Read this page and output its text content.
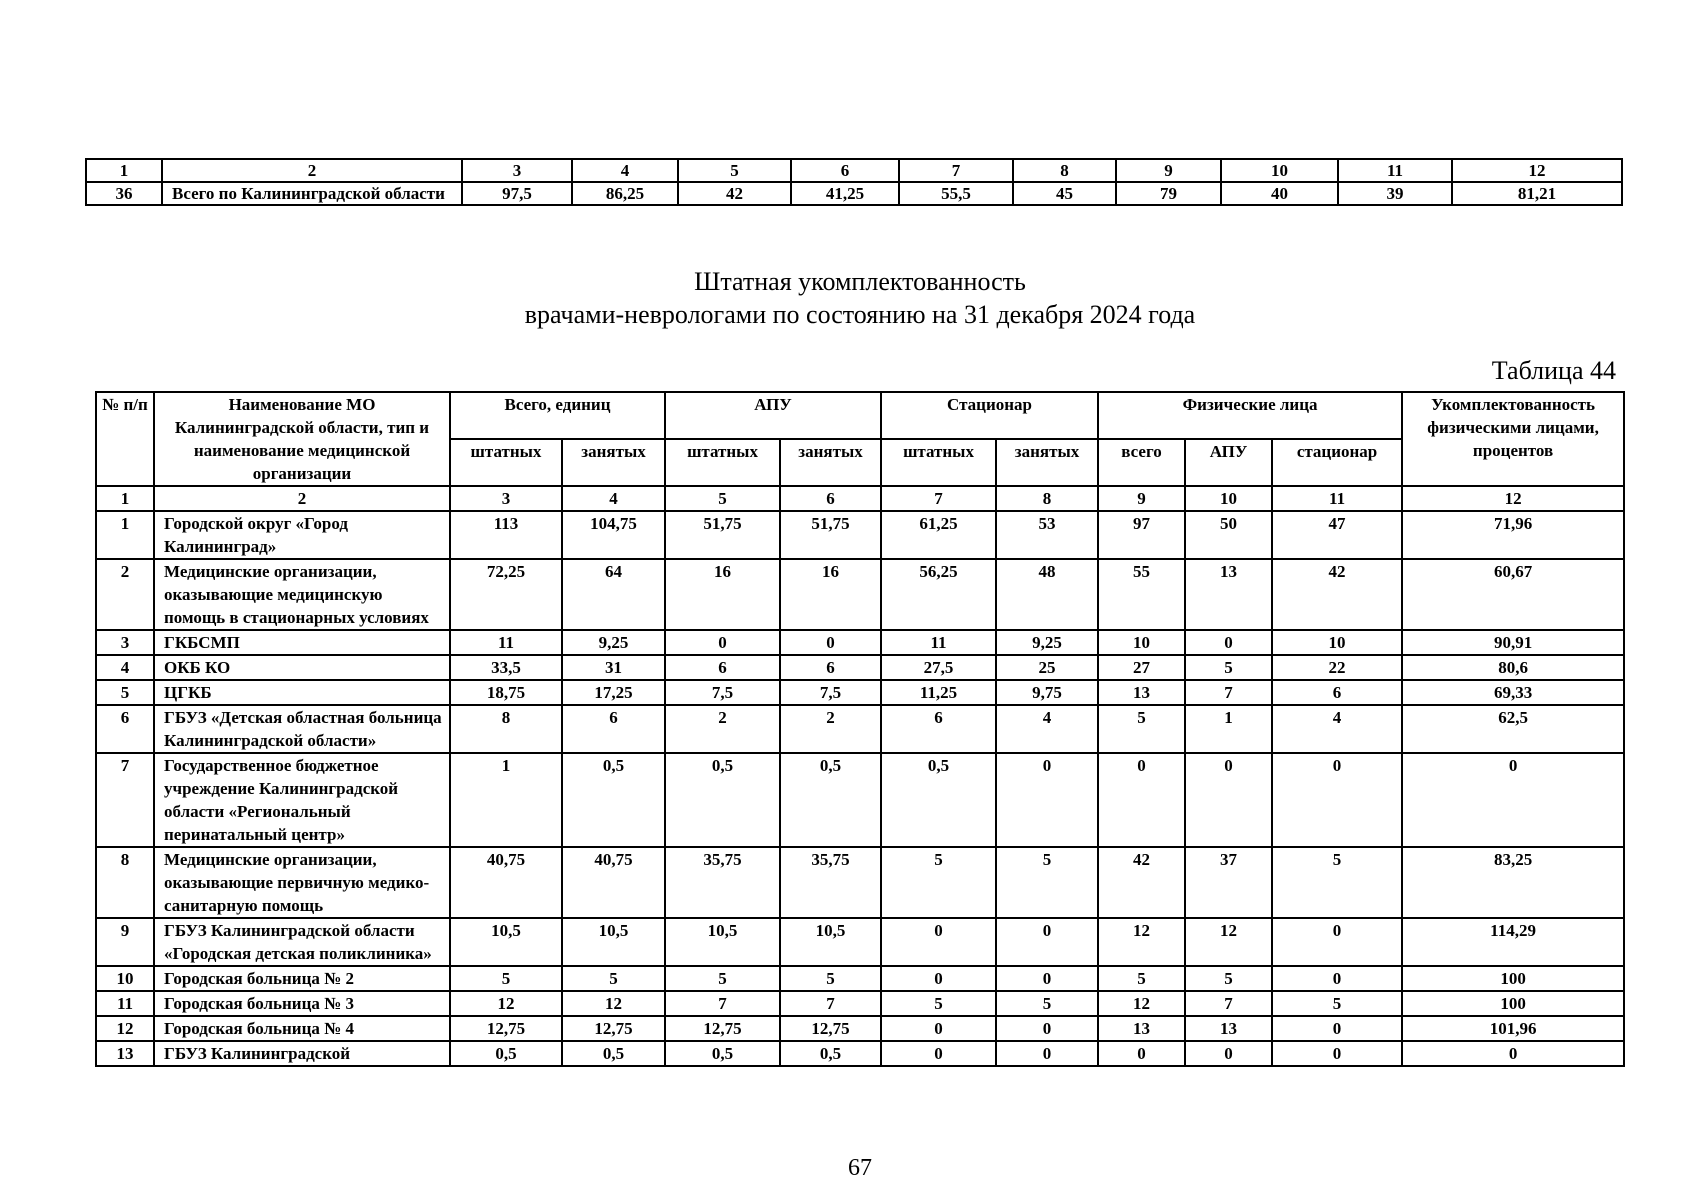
1	2	3	4	5	6	7	8	9	10	11	12
36	Всего по Калининградской области	97,5	86,25	42	41,25	55,5	45	79	40	39	81,21
Штатная укомплектованность
врачами-неврологами по состоянию на 31 декабря 2024 года
Таблица 44
№ п/п	Наименование МО Калининградской области, тип и наименование медицинской организации	Всего, единиц		АПУ		Стационар		Физические лица			Укомплектованность физическими лицами, процентов
		штатных	занятых	штатных	занятых	штатных	занятых	всего	АПУ	стационар	
1	2	3	4	5	6	7	8	9	10	11	12
1	Городской округ «Город Калининград»	113	104,75	51,75	51,75	61,25	53	97	50	47	71,96
2	Медицинские организации, оказывающие медицинскую помощь в стационарных условиях	72,25	64	16	16	56,25	48	55	13	42	60,67
3	ГКБСМП	11	9,25	0	0	11	9,25	10	0	10	90,91
4	ОКБ КО	33,5	31	6	6	27,5	25	27	5	22	80,6
5	ЦГКБ	18,75	17,25	7,5	7,5	11,25	9,75	13	7	6	69,33
6	ГБУЗ «Детская областная больница Калининградской области»	8	6	2	2	6	4	5	1	4	62,5
7	Государственное бюджетное учреждение Калининградской области «Региональный перинатальный центр»	1	0,5	0,5	0,5	0,5	0	0	0	0	0
8	Медицинские организации, оказывающие первичную медико-санитарную помощь	40,75	40,75	35,75	35,75	5	5	42	37	5	83,25
9	ГБУЗ Калининградской области «Городская детская поликлиника»	10,5	10,5	10,5	10,5	0	0	12	12	0	114,29
10	Городская больница № 2	5	5	5	5	0	0	5	5	0	100
11	Городская больница № 3	12	12	7	7	5	5	12	7	5	100
12	Городская больница № 4	12,75	12,75	12,75	12,75	0	0	13	13	0	101,96
13	ГБУЗ Калининградской	0,5	0,5	0,5	0,5	0	0	0	0	0	0
67
